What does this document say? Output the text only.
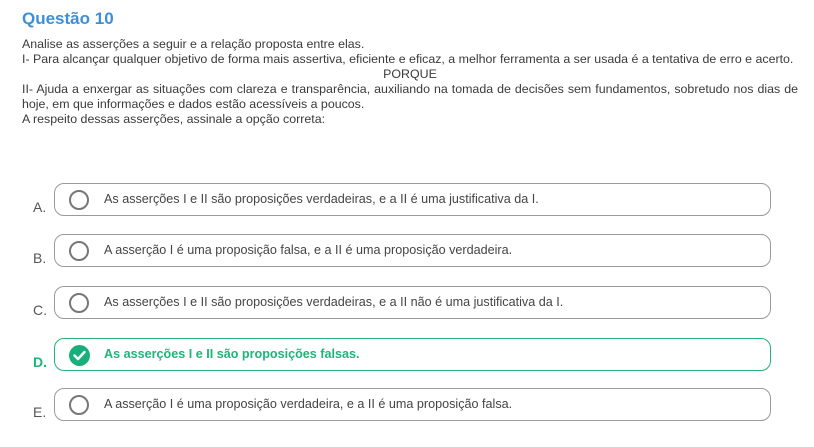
Questão 10

Analise as asserções a seguir e a relação proposta entre elas.

I- Para alcançar qualquer objetivo de forma mais assertiva, eficiente e eficaz, a melhor ferramenta a ser usada é a tentativa de erro e acerto.

PORQUE

II- Ajuda a enxergar as situações com clareza e transparência, auxiliando na tomada de decisões sem fundamentos, sobretudo nos dias de hoje, em que informações e dados estão acessíveis a poucos.

A respeito dessas asserções, assinale a opção correta:

A.	As asserções I e II são proposições verdadeiras, e a II é uma justificativa da I.
B.	A asserção I é uma proposição falsa, e a II é uma proposição verdadeira.
C.	As asserções I e II são proposições verdadeiras, e a II não é uma justificativa da I.
D.	As asserções I e II são proposições falsas.
E.	A asserção I é uma proposição verdadeira, e a II é uma proposição falsa.
